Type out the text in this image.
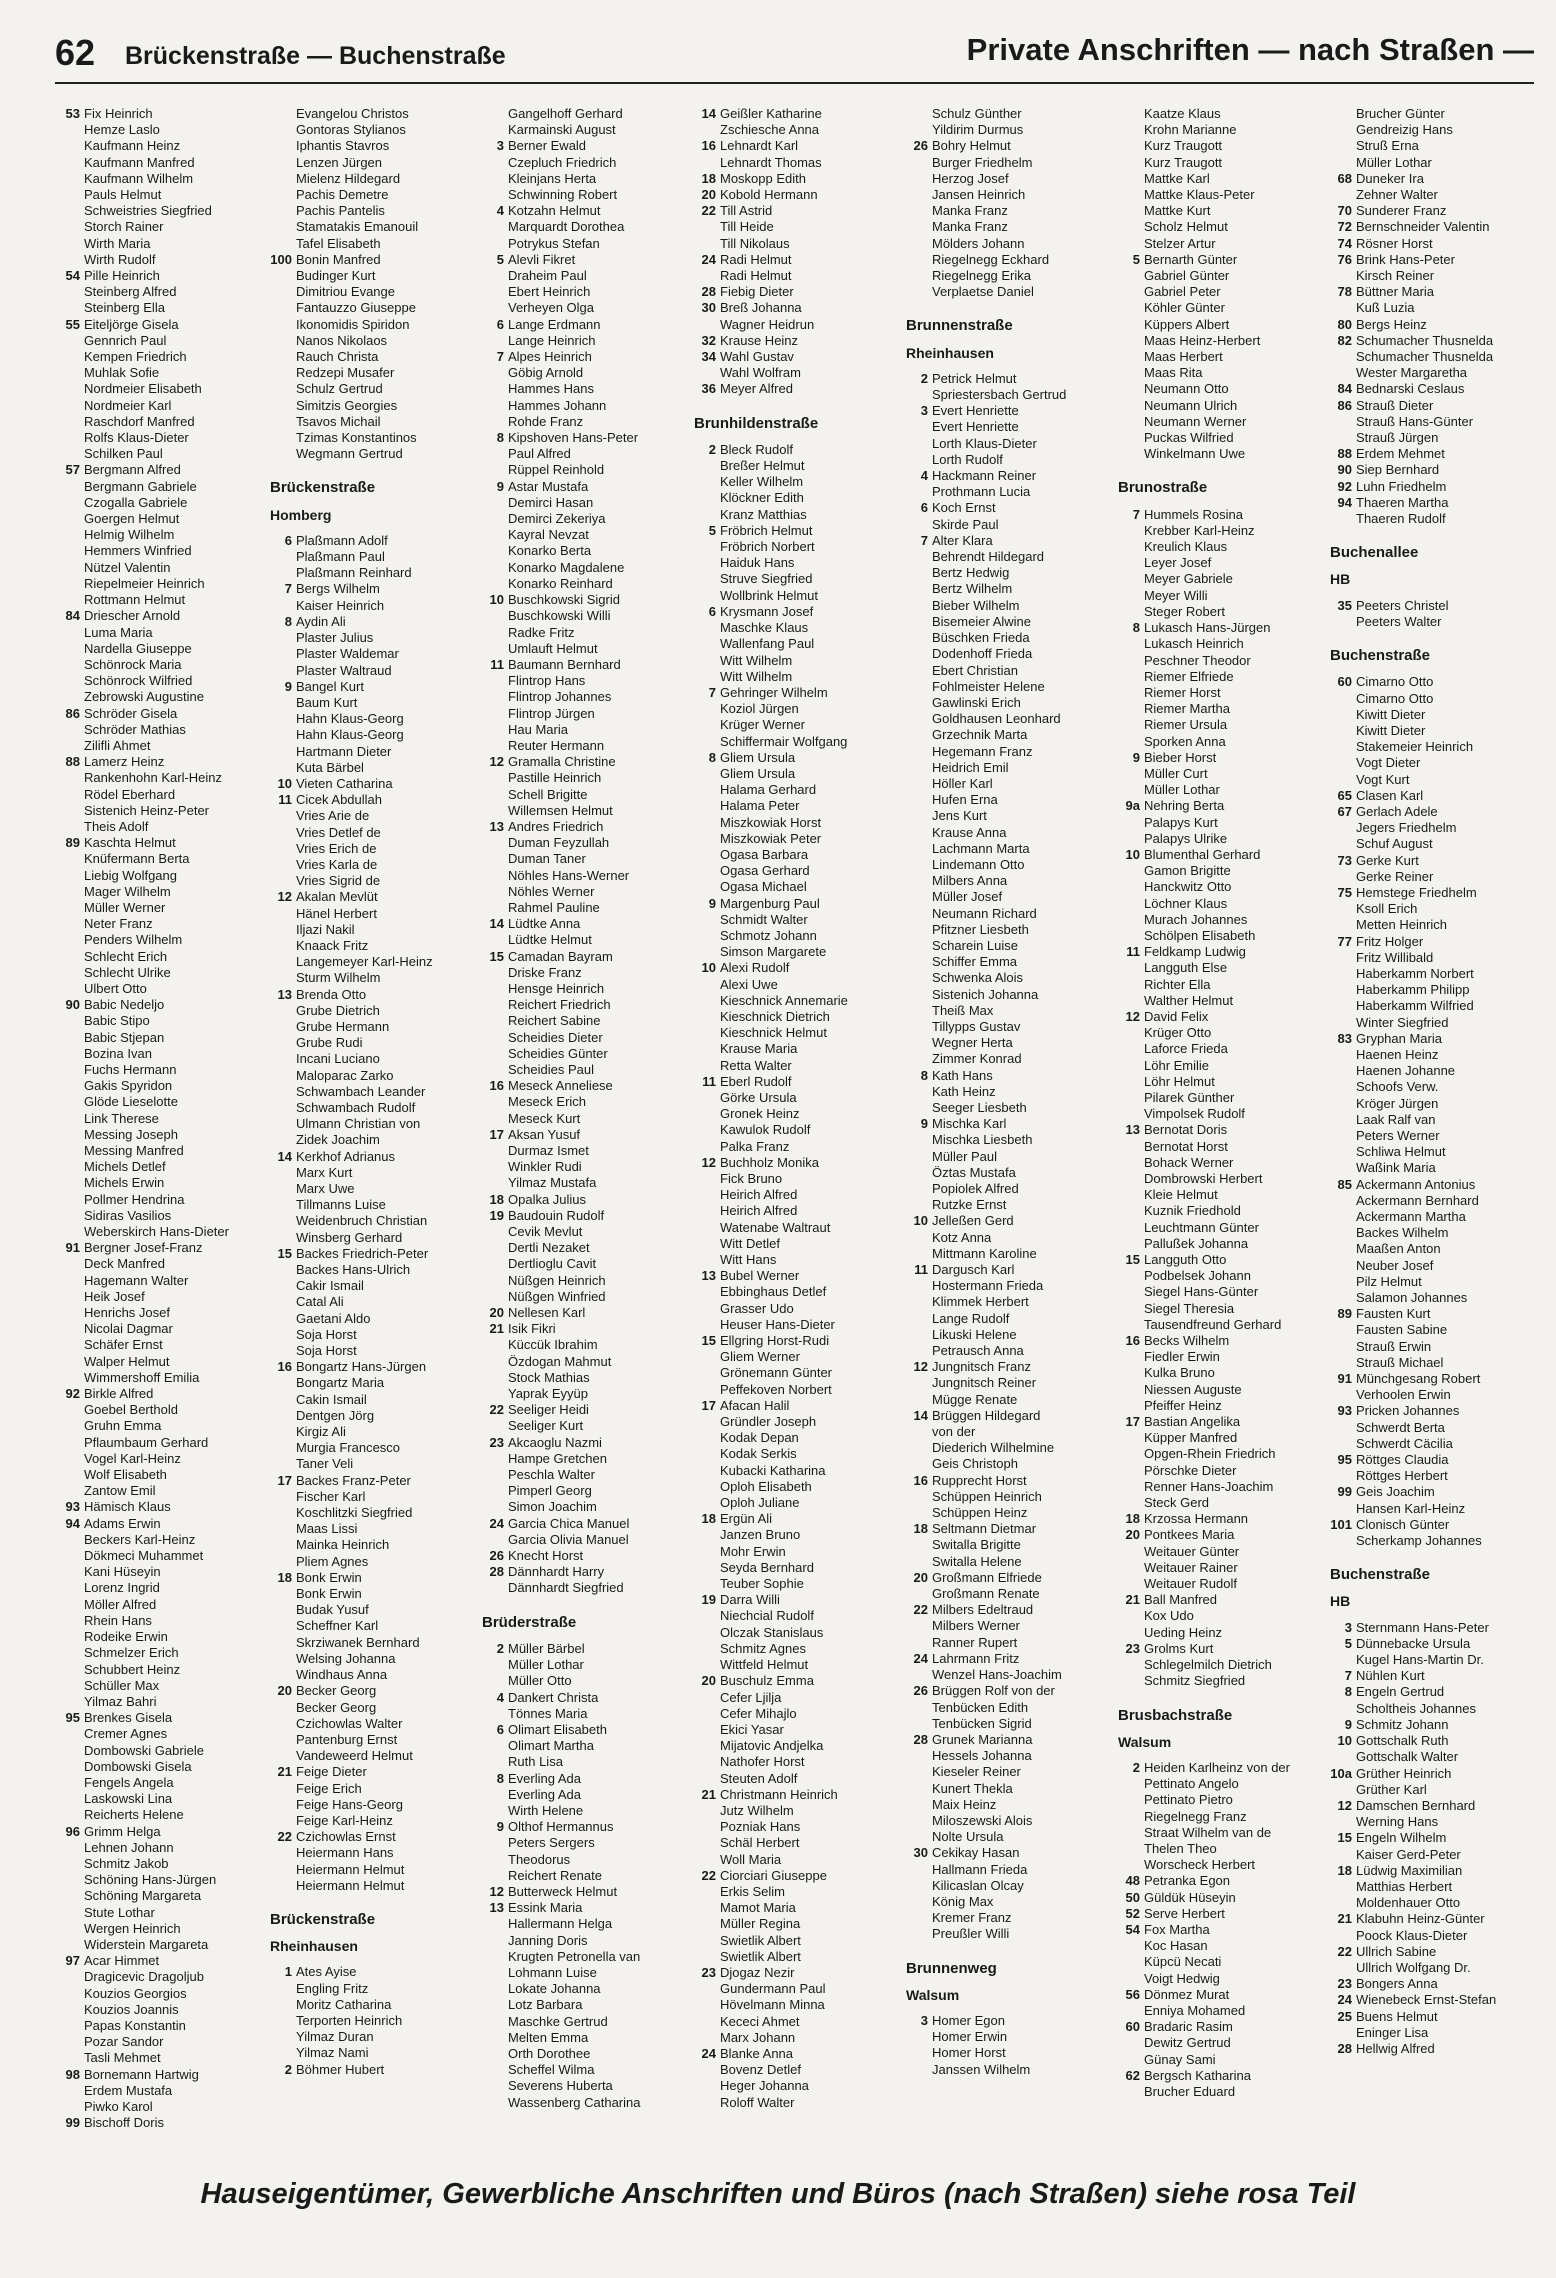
62 Brückenstraße — Buchenstraße	Private Anschriften — nach Straßen —
53 Fix Heinrich
Hemze Laslo
Kaufmann Heinz
Kaufmann Manfred
Kaufmann Wilhelm
Pauls Helmut
Schweistries Siegfried
Storch Rainer
Wirth Maria
Wirth Rudolf
54 Pille Heinrich
Steinberg Alfred
Steinberg Ella
55 Eiteljörge Gisela
Gennrich Paul
Kempen Friedrich
Muhlak Sofie
Nordmeier Elisabeth
Nordmeier Karl
Raschdorf Manfred
Rolfs Klaus-Dieter
Schilken Paul
57 Bergmann Alfred
Bergmann Gabriele
Czogalla Gabriele
Goergen Helmut
Helmig Wilhelm
Hemmers Winfried
Nützel Valentin
Riepelmeier Heinrich
Rottmann Helmut
84 Driescher Arnold
Luma Maria
Nardella Giuseppe
Schönrock Maria
Schönrock Wilfried
Zebrowski Augustine
86 Schröder Gisela
Schröder Mathias
Zilifli Ahmet
88 Lamerz Heinz
Rankenhohn Karl-Heinz
Rödel Eberhard
Sistenich Heinz-Peter
Theis Adolf
89 Kaschta Helmut
Knüfermann Berta
Liebig Wolfgang
Mager Wilhelm
Müller Werner
Neter Franz
Penders Wilhelm
Schlecht Erich
Schlecht Ulrike
Ulbert Otto
90 Babic Nedeljo
Babic Stipo
Babic Stjepan
Bozina Ivan
Fuchs Hermann
Gakis Spyridon
Glöde Lieselotte
Link Therese
Messing Joseph
Messing Manfred
Michels Detlef
Michels Erwin
Pollmer Hendrina
Sidiras Vasilios
Weberskirch Hans-Dieter
91 Bergner Josef-Franz
Deck Manfred
Hagemann Walter
Heik Josef
Henrichs Josef
Nicolai Dagmar
Schäfer Ernst
Walper Helmut
Wimmershoff Emilia
92 Birkle Alfred
Goebel Berthold
Gruhn Emma
Pflaumbaum Gerhard
Vogel Karl-Heinz
Wolf Elisabeth
Zantow Emil
93 Hämisch Klaus
94 Adams Erwin
Beckers Karl-Heinz
Dökmeci Muhammet
Kani Hüseyin
Lorenz Ingrid
Möller Alfred
Rhein Hans
Rodeike Erwin
Schmelzer Erich
Schubbert Heinz
Schüller Max
Yilmaz Bahri
95 Brenkes Gisela
Cremer Agnes
Dombowski Gabriele
Dombowski Gisela
Fengels Angela
Laskowski Lina
Reicherts Helene
96 Grimm Helga
Lehnen Johann
Schmitz Jakob
Schöning Hans-Jürgen
Schöning Margareta
Stute Lothar
Wergen Heinrich
Widerstein Margareta
97 Acar Himmet
Dragicevic Dragoljub
Kouzios Georgios
Kouzios Joannis
Papas Konstantin
Pozar Sandor
Tasli Mehmet
98 Bornemann Hartwig
Erdem Mustafa
Piwko Karol
99 Bischoff Doris
Evangelou Christos
Gontoras Stylianos
Iphantis Stavros
Lenzen Jürgen
Mielenz Hildegard
Pachis Demetre
Pachis Pantelis
Stamatakis Emanouil
Tafel Elisabeth
100 Bonin Manfred
Budinger Kurt
Dimitriou Evange
Fantauzzo Giuseppe
Ikonomidis Spiridon
Nanos Nikolaos
Rauch Christa
Redzepi Musafer
Schulz Gertrud
Simitzis Georgies
Tsavos Michail
Tzimas Konstantinos
Wegmann Gertrud
Brückenstraße
Homberg
6 Plaßmann Adolf
Plaßmann Paul
Plaßmann Reinhard
7 Bergs Wilhelm
Kaiser Heinrich
8 Aydin Ali
Plaster Julius
Plaster Waldemar
Plaster Waltraud
9 Bangel Kurt
Baum Kurt
Hahn Klaus-Georg
Hahn Klaus-Georg
Hartmann Dieter
Kuta Bärbel
10 Vieten Catharina
11 Cicek Abdullah
Vries Arie de
Vries Detlef de
Vries Erich de
Vries Karla de
Vries Sigrid de
12 Akalan Mevlüt
Hänel Herbert
Iljazi Nakil
Knaack Fritz
Langemeyer Karl-Heinz
Sturm Wilhelm
13 Brenda Otto
Grube Dietrich
Grube Hermann
Grube Rudi
Incani Luciano
Maloparac Zarko
Schwambach Leander
Schwambach Rudolf
Ulmann Christian von
Zidek Joachim
14 Kerkhof Adrianus
Marx Kurt
Marx Uwe
Tillmanns Luise
Weidenbruch Christian
Winsberg Gerhard
15 Backes Friedrich-Peter
Backes Hans-Ulrich
Cakir Ismail
Catal Ali
Gaetani Aldo
Soja Horst
Soja Horst
16 Bongartz Hans-Jürgen
Bongartz Maria
Cakin Ismail
Dentgen Jörg
Kirgiz Ali
Murgia Francesco
Taner Veli
17 Backes Franz-Peter
Fischer Karl
Koschlitzki Siegfried
Maas Lissi
Mainka Heinrich
Pliem Agnes
18 Bonk Erwin
Bonk Erwin
Budak Yusuf
Scheffner Karl
Skrziwanek Bernhard
Welsing Johanna
Windhaus Anna
20 Becker Georg
Becker Georg
Czichowlas Walter
Pantenburg Ernst
Vandeweerd Helmut
21 Feige Dieter
Feige Erich
Feige Hans-Georg
Feige Karl-Heinz
22 Czichowlas Ernst
Heiermann Hans
Heiermann Helmut
Heiermann Helmut
Brückenstraße
Rheinhausen
1 Ates Ayise
Engling Fritz
Moritz Catharina
Terporten Heinrich
Yilmaz Duran
Yilmaz Nami
2 Böhmer Hubert
Gangelhoff Gerhard
Karmainski August
3 Berner Ewald
Czepluch Friedrich
Kleinjans Herta
Schwinning Robert
4 Kotzahn Helmut
Marquardt Dorothea
Potrykus Stefan
5 Alevli Fikret
Draheim Paul
Ebert Heinrich
Verheyen Olga
6 Lange Erdmann
Lange Heinrich
7 Alpes Heinrich
Göbig Arnold
Hammes Hans
Hammes Johann
Rohde Franz
8 Kipshoven Hans-Peter
Paul Alfred
Rüppel Reinhold
9 Astar Mustafa
Demirci Hasan
Demirci Zekeriya
Kayral Nevzat
Konarko Berta
Konarko Magdalene
Konarko Reinhard
10 Buschkowski Sigrid
Buschkowski Willi
Radke Fritz
Umlauft Helmut
11 Baumann Bernhard
Flintrop Hans
Flintrop Johannes
Flintrop Jürgen
Hau Maria
Reuter Hermann
12 Gramalla Christine
Pastille Heinrich
Schell Brigitte
Willemsen Helmut
13 Andres Friedrich
Duman Feyzullah
Duman Taner
Nöhles Hans-Werner
Nöhles Werner
Rahmel Pauline
14 Lüdtke Anna
Lüdtke Helmut
15 Camadan Bayram
Driske Franz
Hensge Heinrich
Reichert Friedrich
Reichert Sabine
Scheidies Dieter
Scheidies Günter
Scheidies Paul
16 Meseck Anneliese
Meseck Erich
Meseck Kurt
17 Aksan Yusuf
Durmaz Ismet
Winkler Rudi
Yilmaz Mustafa
18 Opalka Julius
19 Baudouin Rudolf
Cevik Mevlut
Dertli Nezaket
Dertlioglu Cavit
Nüßgen Heinrich
Nüßgen Winfried
20 Nellesen Karl
21 Isik Fikri
Küccük Ibrahim
Özdogan Mahmut
Stock Mathias
Yaprak Eyyüp
22 Seeliger Heidi
Seeliger Kurt
23 Akcaoglu Nazmi
Hampe Gretchen
Peschla Walter
Pimperl Georg
Simon Joachim
24 Garcia Chica Manuel
Garcia Olivia Manuel
26 Knecht Horst
28 Dännhardt Harry
Dännhardt Siegfried
Brüderstraße
2 Müller Bärbel
Müller Lothar
Müller Otto
4 Dankert Christa
Tönnes Maria
6 Olimart Elisabeth
Olimart Martha
Ruth Lisa
8 Everling Ada
Everling Ada
Wirth Helene
9 Olthof Hermannus
Peters Sergers
Theodorus
Reichert Renate
12 Butterweck Helmut
13 Essink Maria
Hallermann Helga
Janning Doris
Krugten Petronella van
Lohmann Luise
Lokate Johanna
Lotz Barbara
Maschke Gertrud
Melten Emma
Orth Dorothee
Scheffel Wilma
Severens Huberta
Wassenberg Catharina
14 Geißler Katharine
Zschiesche Anna
16 Lehnardt Karl
Lehnardt Thomas
18 Moskopp Edith
20 Kobold Hermann
22 Till Astrid
Till Heide
Till Nikolaus
24 Radi Helmut
Radi Helmut
28 Fiebig Dieter
30 Breß Johanna
Wagner Heidrun
32 Krause Heinz
34 Wahl Gustav
Wahl Wolfram
36 Meyer Alfred
Brunhildenstraße
2 Bleck Rudolf
Breßer Helmut
Keller Wilhelm
Klöckner Edith
Kranz Matthias
5 Fröbrich Helmut
Fröbrich Norbert
Haiduk Hans
Struve Siegfried
Wollbrink Helmut
6 Krysmann Josef
Maschke Klaus
Wallenfang Paul
Witt Wilhelm
Witt Wilhelm
7 Gehringer Wilhelm
Koziol Jürgen
Krüger Werner
Schiffermair Wolfgang
8 Gliem Ursula
Gliem Ursula
Halama Gerhard
Halama Peter
Miszkowiak Horst
Miszkowiak Peter
Ogasa Barbara
Ogasa Gerhard
Ogasa Michael
9 Margenburg Paul
Schmidt Walter
Schmotz Johann
Simson Margarete
10 Alexi Rudolf
Alexi Uwe
Kieschnick Annemarie
Kieschnick Dietrich
Kieschnick Helmut
Krause Maria
Retta Walter
11 Eberl Rudolf
Görke Ursula
Gronek Heinz
Kawulok Rudolf
Palka Franz
12 Buchholz Monika
Fick Bruno
Heirich Alfred
Heirich Alfred
Watenabe Waltraut
Witt Detlef
Witt Hans
13 Bubel Werner
Ebbinghaus Detlef
Grasser Udo
Heuser Hans-Dieter
15 Ellgring Horst-Rudi
Gliem Werner
Grönemann Günter
Peffekoven Norbert
17 Afacan Halil
Gründler Joseph
Kodak Depan
Kodak Serkis
Kubacki Katharina
Oploh Elisabeth
Oploh Juliane
18 Ergün Ali
Janzen Bruno
Mohr Erwin
Seyda Bernhard
Teuber Sophie
19 Darra Willi
Niechcial Rudolf
Olczak Stanislaus
Schmitz Agnes
Wittfeld Helmut
20 Buschulz Emma
Cefer Ljilja
Cefer Mihajlo
Ekici Yasar
Mijatovic Andjelka
Nathofer Horst
Steuten Adolf
21 Christmann Heinrich
Jutz Wilhelm
Pozniak Hans
Schäl Herbert
Woll Maria
22 Ciorciari Giuseppe
Erkis Selim
Mamot Maria
Müller Regina
Swietlik Albert
Swietlik Albert
23 Djogaz Nezir
Gundermann Paul
Hövelmann Minna
Kececi Ahmet
Marx Johann
24 Blanke Anna
Bovenz Detlef
Heger Johanna
Roloff Walter
Schulz Günther
Yildirim Durmus
26 Bohry Helmut
Burger Friedhelm
Herzog Josef
Jansen Heinrich
Manka Franz
Manka Franz
Mölders Johann
Riegelnegg Eckhard
Riegelnegg Erika
Verplaetse Daniel
Brunnenstraße
Rheinhausen
2 Petrick Helmut
Spriestersbach Gertrud
3 Evert Henriette
Evert Henriette
Lorth Klaus-Dieter
Lorth Rudolf
4 Hackmann Reiner
Prothmann Lucia
6 Koch Ernst
Skirde Paul
7 Alter Klara
Behrendt Hildegard
Bertz Hedwig
Bertz Wilhelm
Bieber Wilhelm
Bisemeier Alwine
Büschken Frieda
Dodenhoff Frieda
Ebert Christian
Fohlmeister Helene
Gawlinski Erich
Goldhausen Leonhard
Grzechnik Marta
Hegemann Franz
Heidrich Emil
Höller Karl
Hufen Erna
Jens Kurt
Krause Anna
Lachmann Marta
Lindemann Otto
Milbers Anna
Müller Josef
Neumann Richard
Pfitzner Liesbeth
Scharein Luise
Schiffer Emma
Schwenka Alois
Sistenich Johanna
Theiß Max
Tillypps Gustav
Wegner Herta
Zimmer Konrad
8 Kath Hans
Kath Heinz
Seeger Liesbeth
9 Mischka Karl
Mischka Liesbeth
Müller Paul
Öztas Mustafa
Popiolek Alfred
Rutzke Ernst
10 Jelleßen Gerd
Kotz Anna
Mittmann Karoline
11 Dargusch Karl
Hostermann Frieda
Klimmek Herbert
Lange Rudolf
Likuski Helene
Petrausch Anna
12 Jungnitsch Franz
Jungnitsch Reiner
Mügge Renate
14 Brüggen Hildegard
von der
Diederich Wilhelmine
Geis Christoph
16 Rupprecht Horst
Schüppen Heinrich
Schüppen Heinz
18 Seltmann Dietmar
Switalla Brigitte
Switalla Helene
20 Großmann Elfriede
Großmann Renate
22 Milbers Edeltraud
Milbers Werner
Ranner Rupert
24 Lahrmann Fritz
Wenzel Hans-Joachim
26 Brüggen Rolf von der
Tenbücken Edith
Tenbücken Sigrid
28 Grunek Marianna
Hessels Johanna
Kieseler Reiner
Kunert Thekla
Maix Heinz
Miloszewski Alois
Nolte Ursula
30 Cekikay Hasan
Hallmann Frieda
Kilicaslan Olcay
König Max
Kremer Franz
Preußler Willi
Brunnenweg
Walsum
3 Homer Egon
Homer Erwin
Homer Horst
Janssen Wilhelm
Kaatze Klaus
Krohn Marianne
Kurz Traugott
Kurz Traugott
Mattke Karl
Mattke Klaus-Peter
Mattke Kurt
Scholz Helmut
Stelzer Artur
5 Bernarth Günter
Gabriel Günter
Gabriel Peter
Köhler Günter
Küppers Albert
Maas Heinz-Herbert
Maas Herbert
Maas Rita
Neumann Otto
Neumann Ulrich
Neumann Werner
Puckas Wilfried
Winkelmann Uwe
Brunostraße
7 Hummels Rosina
Krebber Karl-Heinz
Kreulich Klaus
Leyer Josef
Meyer Gabriele
Meyer Willi
Steger Robert
8 Lukasch Hans-Jürgen
Lukasch Heinrich
Peschner Theodor
Riemer Elfriede
Riemer Horst
Riemer Martha
Riemer Ursula
Sporken Anna
9 Bieber Horst
Müller Curt
Müller Lothar
9a Nehring Berta
Palapys Kurt
Palapys Ulrike
10 Blumenthal Gerhard
Gamon Brigitte
Hanckwitz Otto
Löchner Klaus
Murach Johannes
Schölpen Elisabeth
11 Feldkamp Ludwig
Langguth Else
Richter Ella
Walther Helmut
12 David Felix
Krüger Otto
Laforce Frieda
Löhr Emilie
Löhr Helmut
Pilarek Günther
Vimpolsek Rudolf
13 Bernotat Doris
Bernotat Horst
Bohack Werner
Dombrowski Herbert
Kleie Helmut
Kuznik Friedhold
Leuchtmann Günter
Pallußek Johanna
15 Langguth Otto
Podbelsek Johann
Siegel Hans-Günter
Siegel Theresia
Tausendfreund Gerhard
16 Becks Wilhelm
Fiedler Erwin
Kulka Bruno
Niessen Auguste
Pfeiffer Heinz
17 Bastian Angelika
Küpper Manfred
Opgen-Rhein Friedrich
Pörschke Dieter
Renner Hans-Joachim
Steck Gerd
18 Krzossa Hermann
20 Pontkees Maria
Weitauer Günter
Weitauer Rainer
Weitauer Rudolf
21 Ball Manfred
Kox Udo
Ueding Heinz
23 Grolms Kurt
Schlegelmilch Dietrich
Schmitz Siegfried
Brusbachstraße
Walsum
2 Heiden Karlheinz von der
Pettinato Angelo
Pettinato Pietro
Riegelnegg Franz
Straat Wilhelm van de
Thelen Theo
Worscheck Herbert
48 Petranka Egon
50 Güldük Hüseyin
52 Serve Herbert
54 Fox Martha
Koc Hasan
Küpcü Necati
Voigt Hedwig
56 Dönmez Murat
Enniya Mohamed
60 Bradaric Rasim
Dewitz Gertrud
Günay Sami
62 Bergsch Katharina
Brucher Eduard
Brucher Günter
Gendreizig Hans
Struß Erna
Müller Lothar
68 Duneker Ira
Zehner Walter
70 Sunderer Franz
72 Bernschneider Valentin
74 Rösner Horst
76 Brink Hans-Peter
Kirsch Reiner
78 Büttner Maria
Kuß Luzia
80 Bergs Heinz
82 Schumacher Thusnelda
Schumacher Thusnelda
Wester Margaretha
84 Bednarski Ceslaus
86 Strauß Dieter
Strauß Hans-Günter
Strauß Jürgen
88 Erdem Mehmet
90 Siep Bernhard
92 Luhn Friedhelm
94 Thaeren Martha
Thaeren Rudolf
Buchenallee
HB
35 Peeters Christel
Peeters Walter
Buchenstraße
60 Cimarno Otto
Cimarno Otto
Kiwitt Dieter
Kiwitt Dieter
Stakemeier Heinrich
Vogt Dieter
Vogt Kurt
65 Clasen Karl
67 Gerlach Adele
Jegers Friedhelm
Schuf August
73 Gerke Kurt
Gerke Reiner
75 Hemstege Friedhelm
Ksoll Erich
Metten Heinrich
77 Fritz Holger
Fritz Willibald
Haberkamm Norbert
Haberkamm Philipp
Haberkamm Wilfried
Winter Siegfried
83 Gryphan Maria
Haenen Heinz
Haenen Johanne
Schoofs Verw.
Kröger Jürgen
Laak Ralf van
Peters Werner
Schliwa Helmut
Waßink Maria
85 Ackermann Antonius
Ackermann Bernhard
Ackermann Martha
Backes Wilhelm
Maaßen Anton
Neuber Josef
Pilz Helmut
Salamon Johannes
89 Fausten Kurt
Fausten Sabine
Strauß Erwin
Strauß Michael
91 Münchgesang Robert
Verhoolen Erwin
93 Pricken Johannes
Schwerdt Berta
Schwerdt Cäcilia
95 Röttges Claudia
Röttges Herbert
99 Geis Joachim
Hansen Karl-Heinz
101 Clonisch Günter
Scherkamp Johannes
Buchenstraße
HB
3 Sternmann Hans-Peter
5 Dünnebacke Ursula
Kugel Hans-Martin Dr.
7 Nühlen Kurt
8 Engeln Gertrud
Scholtheis Johannes
9 Schmitz Johann
10 Gottschalk Ruth
Gottschalk Walter
10a Grüther Heinrich
Grüther Karl
12 Damschen Bernhard
Werning Hans
15 Engeln Wilhelm
Kaiser Gerd-Peter
18 Lüdwig Maximilian
Matthias Herbert
Moldenhauer Otto
21 Klabuhn Heinz-Günter
Poock Klaus-Dieter
22 Ullrich Sabine
Ullrich Wolfgang Dr.
23 Bongers Anna
24 Wienebeck Ernst-Stefan
25 Buens Helmut
Eninger Lisa
28 Hellwig Alfred
Hauseigentümer, Gewerbliche Anschriften und Büros (nach Straßen) siehe rosa Teil
